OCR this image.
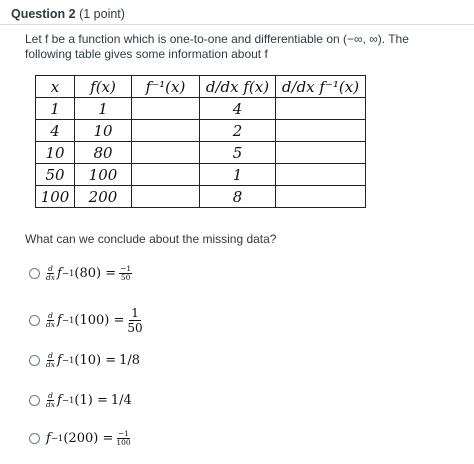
Question 2 (1 point)
Let f be a function which is one-to-one and differentiable on (−∞, ∞). The
following table gives some information about f
x	f(x)	f⁻¹(x)	d/dx f(x)	d/dx f⁻¹(x)
1	1		4	
4	10		2	
10	80		5	
50	100		1	
100	200		8	
What can we conclude about the missing data?
d
dx f −1 ( 80 ) = −1
50
d
dx f −1 ( 100 ) = 1
50
d
dx f −1 ( 10 ) = 1/8
d
dx f −1 ( 1 ) = 1/4
f −1 ( 200 ) = −1
100
